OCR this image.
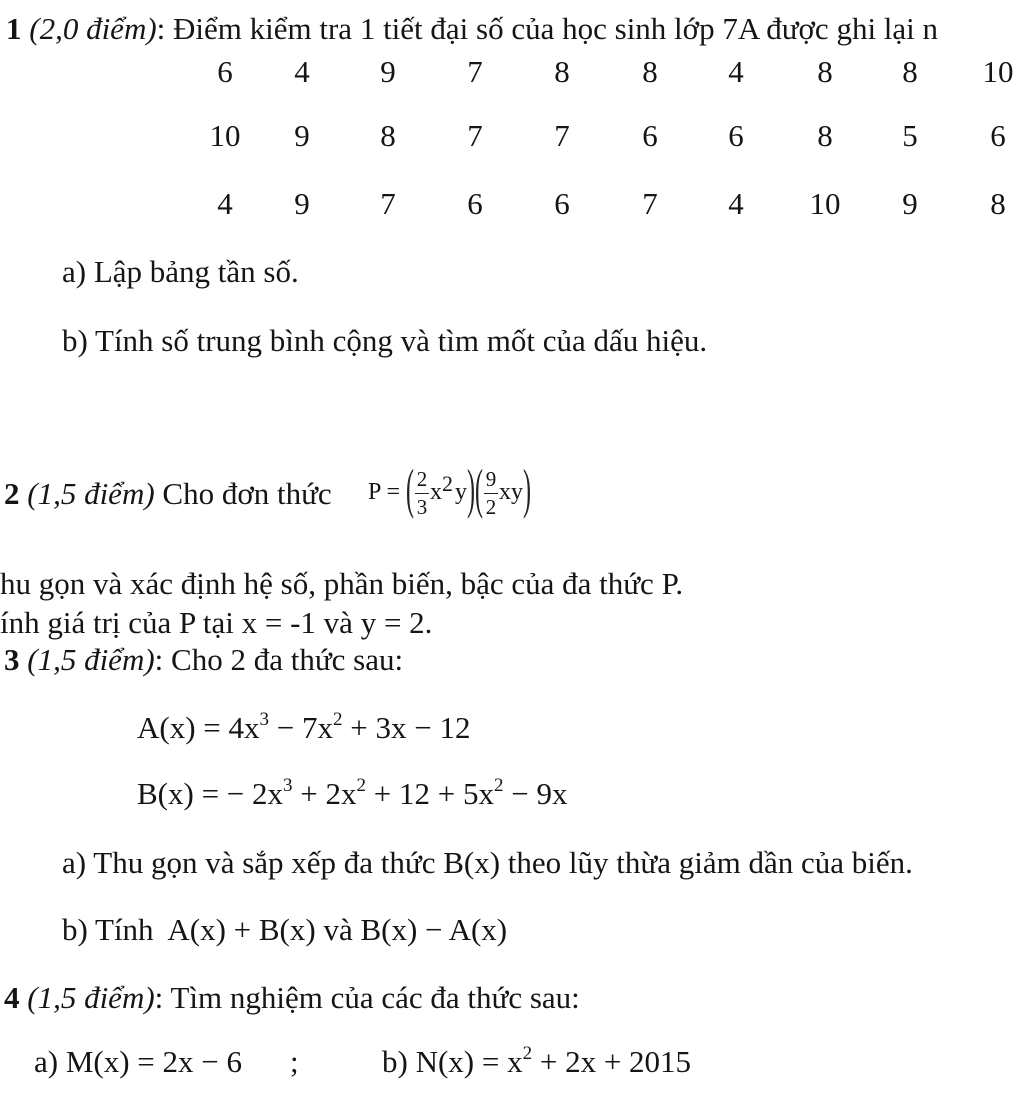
1 (2,0 điểm): Điểm kiểm tra 1 tiết đại số của học sinh lớp 7A được ghi lại n
6	4	9	7	8	8	4	8	8	10
10	9	8	7	7	6	6	8	5	6
4	9	7	6	6	7	4	10	9	8
a) Lập bảng tần số.
b) Tính số trung bình cộng và tìm mốt của dấu hiệu.
2 (1,5 điểm) Cho đơn thức P = ( $\frac{2}{3}$ x 2 y ) ( $\frac{9}{2}$ xy )
hu gọn và xác định hệ số, phần biến, bậc của đa thức P.
ính giá trị của P tại x = -1 và y = 2.
3 (1,5 điểm): Cho 2 đa thức sau:
$A(x) = 4x^3 - 7x^2 + 3x - 12$
B(x) = − $2x^3 + 2x^2 + 12 + 5x^2 - 9x$
a) Thu gọn và sắp xếp đa thức B(x) theo lũy thừa giảm dần của biến.
b) Tính A(x) + B(x) và B(x) − A(x)
4 (1,5 điểm): Tìm nghiệm của các đa thức sau:
a) M(x) = 2x − 6 ;	b) $N(x) = x^2 + 2x + 2015$
